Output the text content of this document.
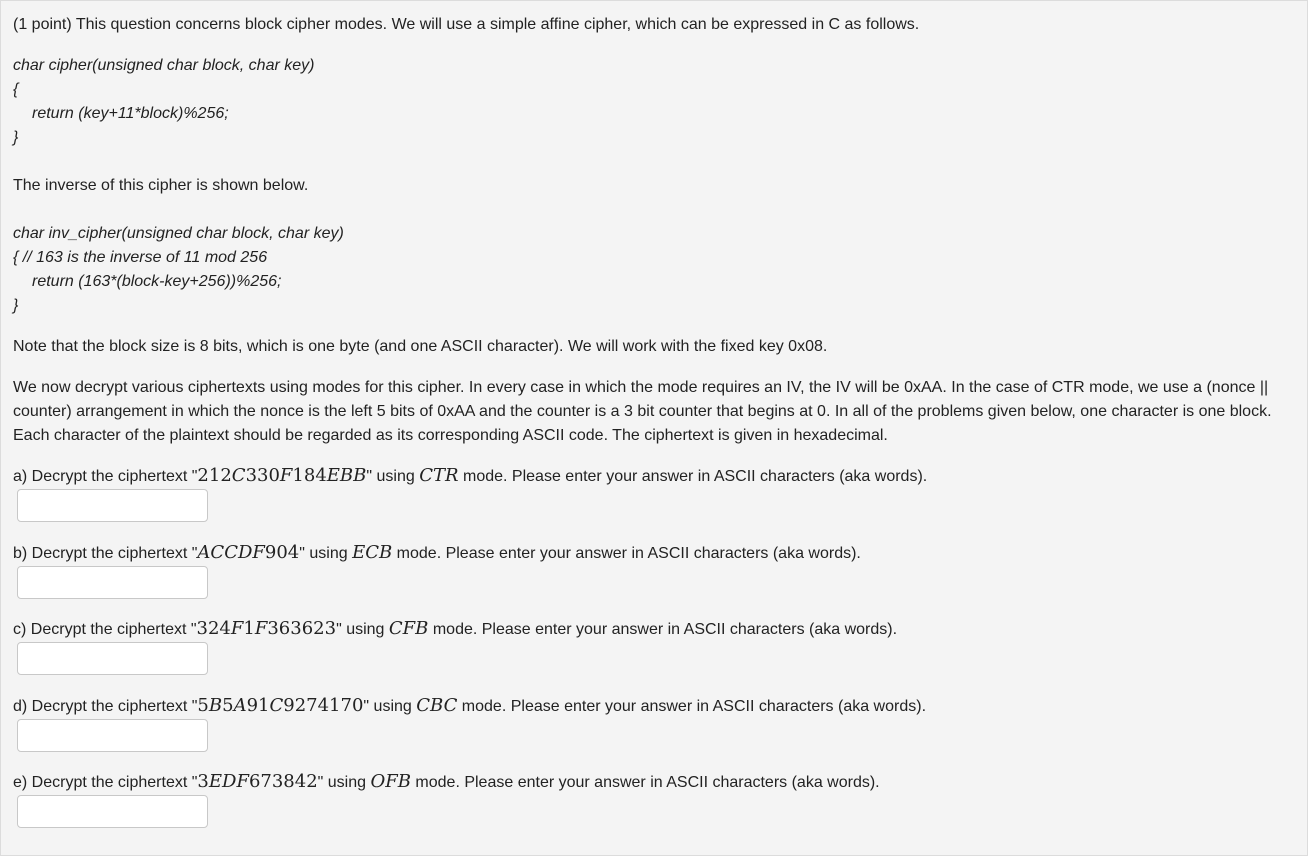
(1 point) This question concerns block cipher modes. We will use a simple affine cipher, which can be expressed in C as follows.
char cipher(unsigned char block, char key)
{
return (key+11*block)%256;
}
The inverse of this cipher is shown below.
char inv_cipher(unsigned char block, char key)
{ // 163 is the inverse of 11 mod 256
return (163*(block-key+256))%256;
}
Note that the block size is 8 bits, which is one byte (and one ASCII character). We will work with the fixed key 0x08.
We now decrypt various ciphertexts using modes for this cipher. In every case in which the mode requires an IV, the IV will be 0xAA. In the case of CTR mode, we use a (nonce || counter) arrangement in which the nonce is the left 5 bits of 0xAA and the counter is a 3 bit counter that begins at 0. In all of the problems given below, one character is one block. Each character of the plaintext should be regarded as its corresponding ASCII code. The ciphertext is given in hexadecimal.
a) Decrypt the ciphertext "212C330F184EBB" using CTR mode. Please enter your answer in ASCII characters (aka words).
b) Decrypt the ciphertext "ACCDF904" using ECB mode. Please enter your answer in ASCII characters (aka words).
c) Decrypt the ciphertext "324F1F363623" using CFB mode. Please enter your answer in ASCII characters (aka words).
d) Decrypt the ciphertext "5B5A91C9274170" using CBC mode. Please enter your answer in ASCII characters (aka words).
e) Decrypt the ciphertext "3EDF673842" using OFB mode. Please enter your answer in ASCII characters (aka words).
